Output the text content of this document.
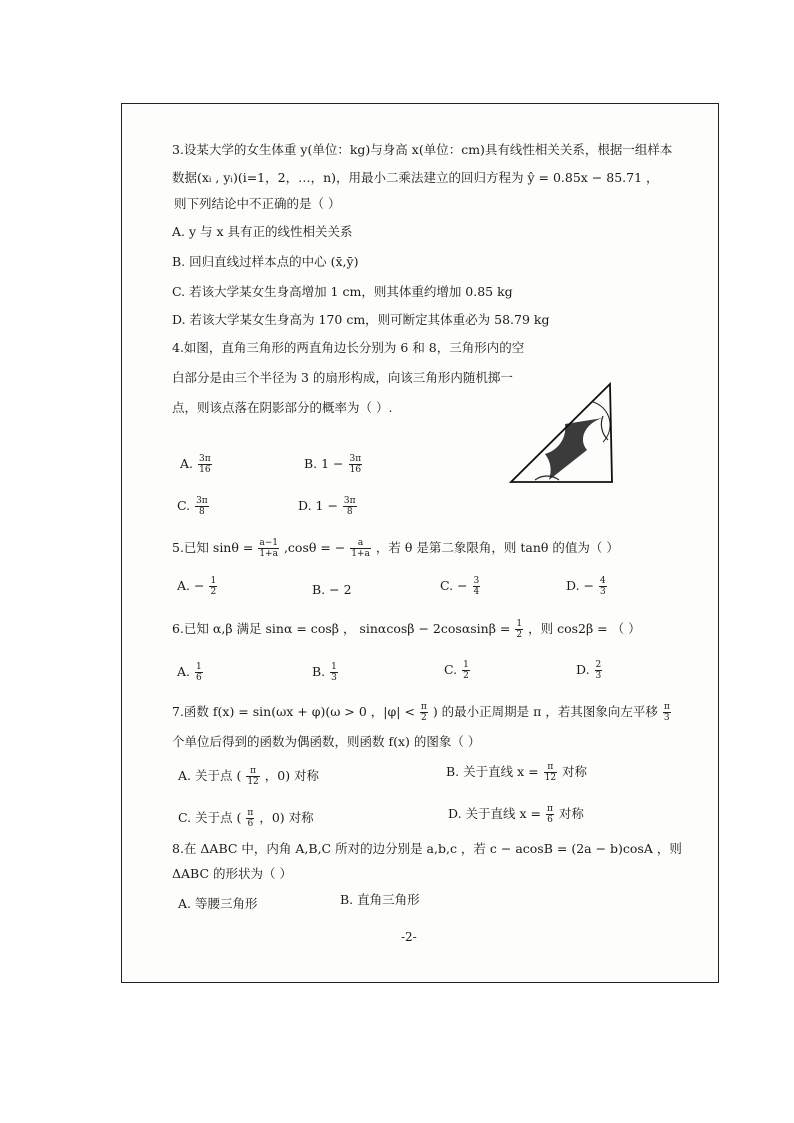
3.设某大学的女生体重 y(单位：kg)与身高 x(单位：cm)具有线性相关关系，根据一组样本
数据(xᵢ , yᵢ)(i=1，2，…，n)，用最小二乘法建立的回归方程为 ŷ = 0.85x − 85.71 ，
则下列结论中不正确的是（ ）
A. y 与 x 具有正的线性相关关系
B. 回归直线过样本点的中心 (x̄,ȳ)
C. 若该大学某女生身高增加 1 cm，则其体重约增加 0.85 kg
D. 若该大学某女生身高为 170 cm，则可断定其体重必为 58.79 kg
4.如图，直角三角形的两直角边长分别为 6 和 8，三角形内的空
白部分是由三个半径为 3 的扇形构成，向该三角形内随机掷一
点，则该点落在阴影部分的概率为（ ）.
A. $\frac{3\pi}{16}$	B. $1 - \frac{3\pi}{16}$
C. $\frac{3\pi}{8}$	D. $1 - \frac{3\pi}{8}$
5.已知 $\sin\theta = \frac{a-1}{1+a} ,\cos\theta$ = − $\frac{a}{1+a}$ ，若 θ 是第二象限角，则 tanθ 的值为（ ）
A. − $\frac{1}{2}$	B. − 2	C. − $\frac{3}{4}$	D. − $\frac{4}{3}$
6.已知 α,β 满足 sinα = cosβ ， $\sin\alpha\cos\beta - 2\cos\alpha\sin\beta = \frac{1}{2}$ ，则 cos2β = （ ）
A. $\frac{1}{6}$	B. $\frac{1}{3}$	C. $\frac{1}{2}$	D. $\frac{2}{3}$
7.函数 f(x) = sin(ωx + φ)(ω > 0 ，$|\varphi| < \frac{\pi}{2}$ ) 的最小正周期是 π ，若其图象向左平移 $\frac{\pi}{3}$
个单位后得到的函数为偶函数，则函数 f(x) 的图象（ ）
A. 关于点 ( $\frac{\pi}{12}$ ，0) 对称	B. 关于直线 $x = \frac{\pi}{12}$ 对称
C. 关于点 ( $\frac{\pi}{6}$ ，0) 对称	D. 关于直线 $x = \frac{\pi}{6}$ 对称
8.在 ΔABC 中，内角 A,B,C 所对的边分别是 a,b,c ，若 c − acosB = (2a − b)cosA ，则
ΔABC 的形状为（ ）
A. 等腰三角形	B. 直角三角形
-2-
